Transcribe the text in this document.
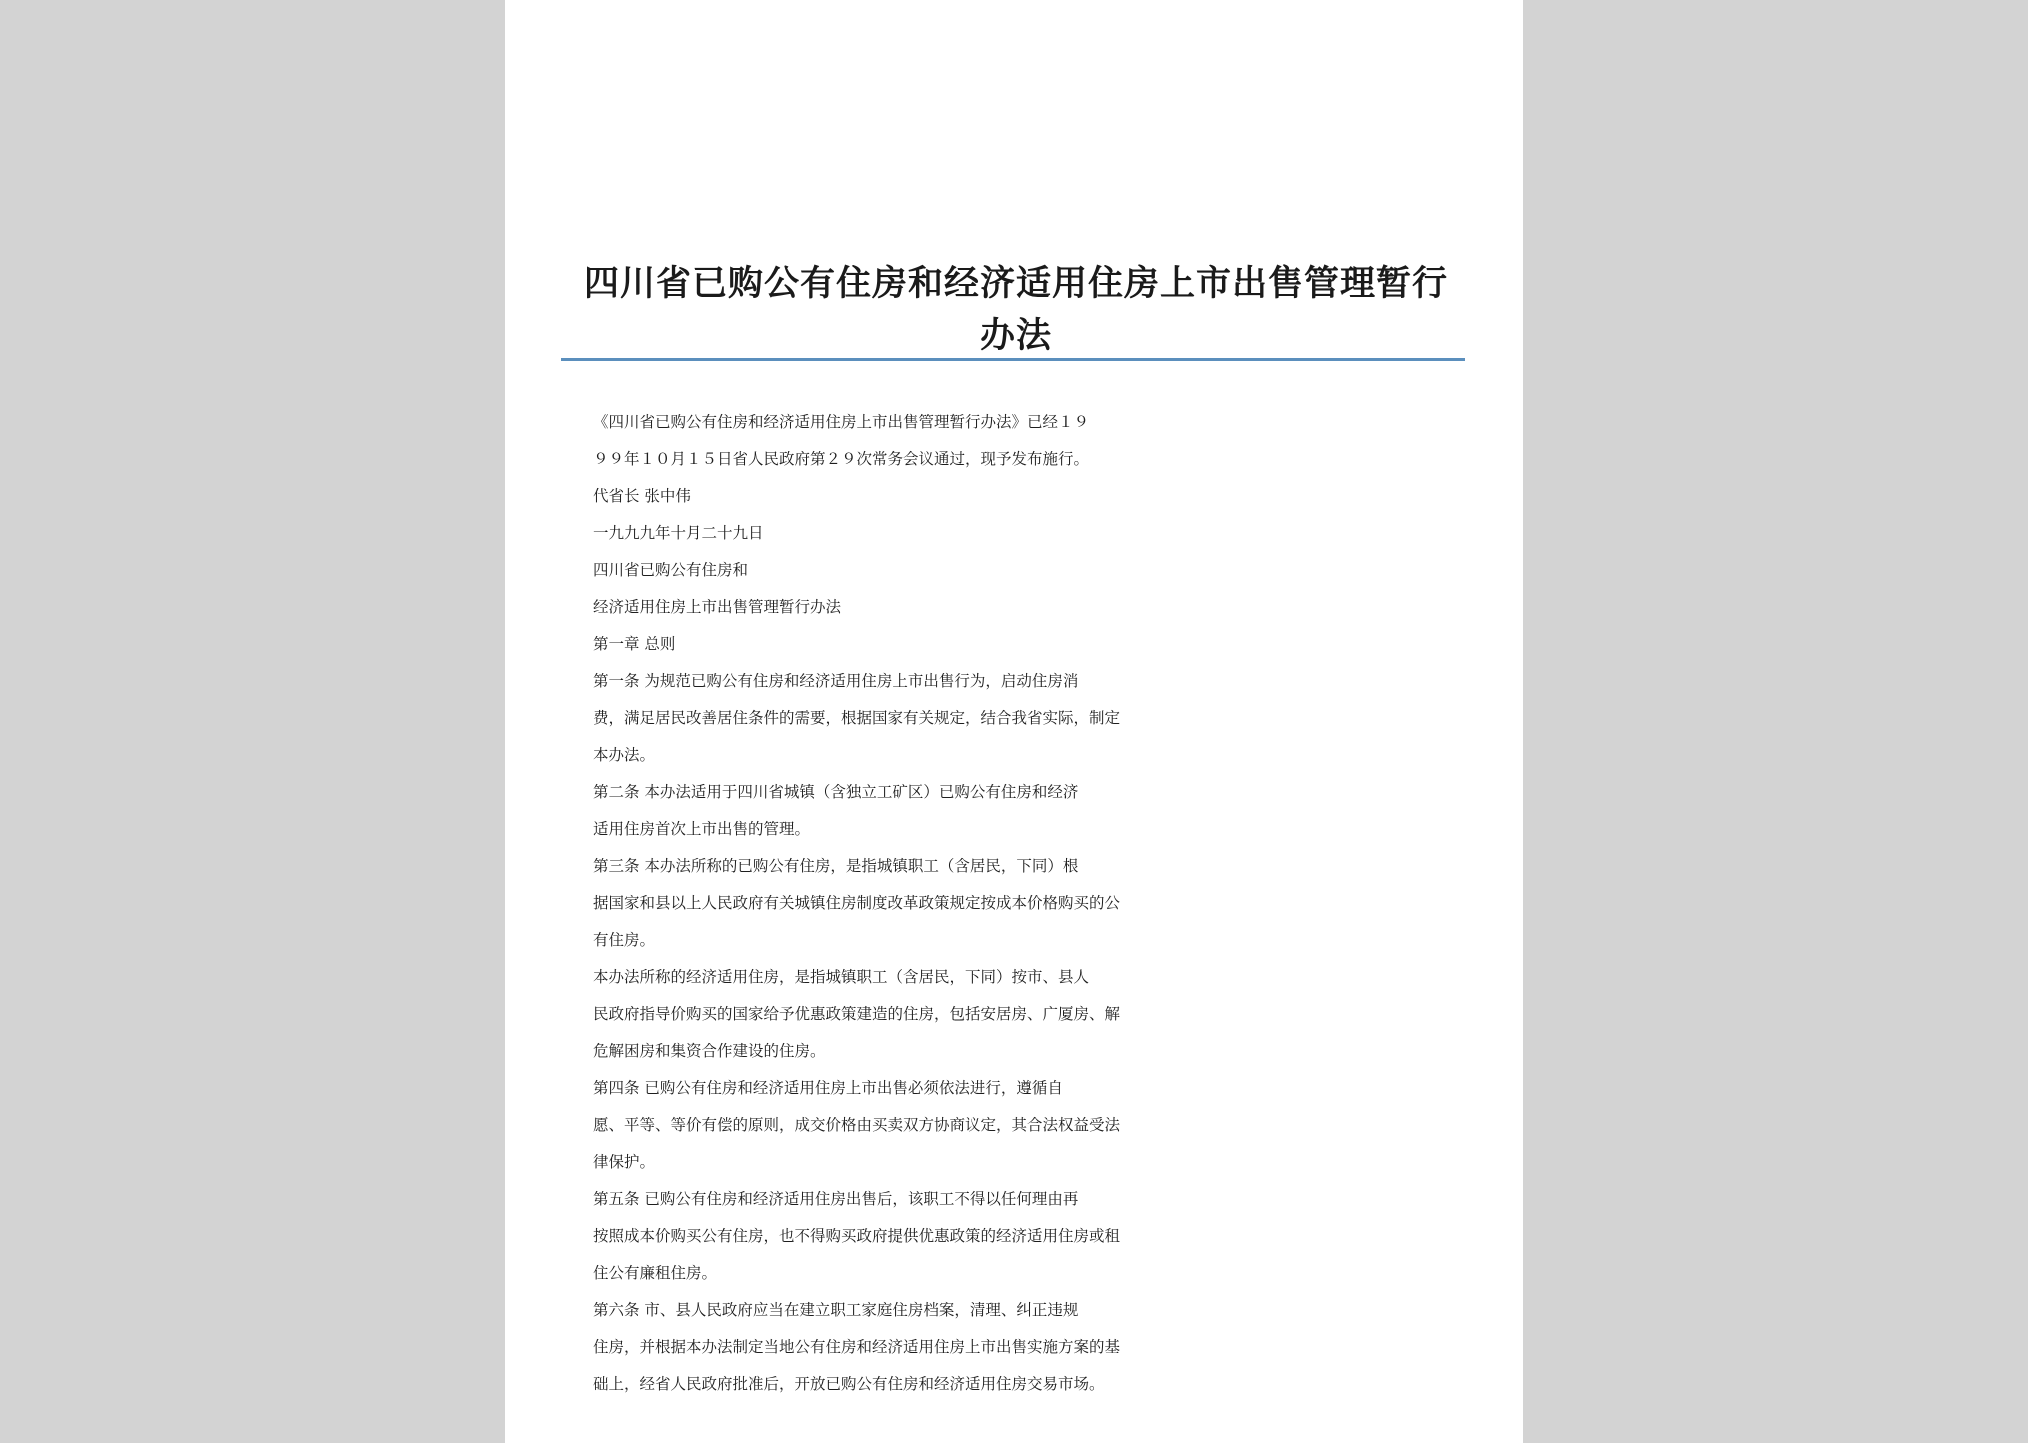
四川省已购公有住房和经济适用住房上市出售管理暂行
办法
《四川省已购公有住房和经济适用住房上市出售管理暂行办法》已经１９
９９年１０月１５日省人民政府第２９次常务会议通过，现予发布施行。
代省长 张中伟
一九九九年十月二十九日
四川省已购公有住房和
经济适用住房上市出售管理暂行办法
第一章 总则
第一条 为规范已购公有住房和经济适用住房上市出售行为，启动住房消
费，满足居民改善居住条件的需要，根据国家有关规定，结合我省实际，制定
本办法。
第二条 本办法适用于四川省城镇（含独立工矿区）已购公有住房和经济
适用住房首次上市出售的管理。
第三条 本办法所称的已购公有住房，是指城镇职工（含居民，下同）根
据国家和县以上人民政府有关城镇住房制度改革政策规定按成本价格购买的公
有住房。
本办法所称的经济适用住房，是指城镇职工（含居民，下同）按市、县人
民政府指导价购买的国家给予优惠政策建造的住房，包括安居房、广厦房、解
危解困房和集资合作建设的住房。
第四条 已购公有住房和经济适用住房上市出售必须依法进行，遵循自
愿、平等、等价有偿的原则，成交价格由买卖双方协商议定，其合法权益受法
律保护。
第五条 已购公有住房和经济适用住房出售后，该职工不得以任何理由再
按照成本价购买公有住房，也不得购买政府提供优惠政策的经济适用住房或租
住公有廉租住房。
第六条 市、县人民政府应当在建立职工家庭住房档案，清理、纠正违规
住房，并根据本办法制定当地公有住房和经济适用住房上市出售实施方案的基
础上，经省人民政府批准后，开放已购公有住房和经济适用住房交易市场。
